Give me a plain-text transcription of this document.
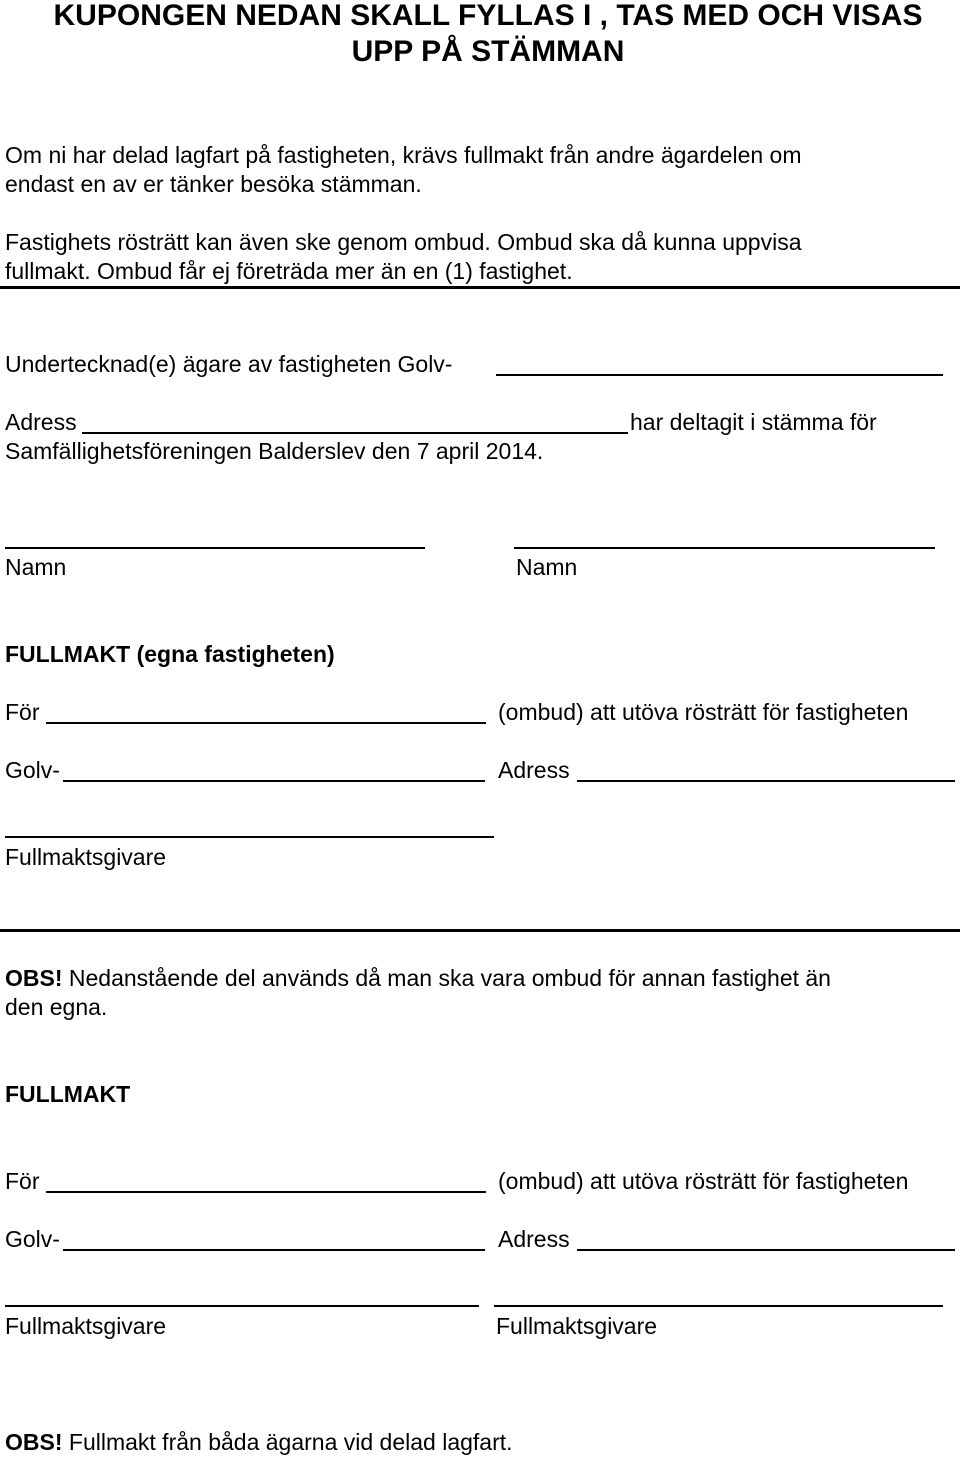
KUPONGEN NEDAN SKALL FYLLAS I , TAS MED OCH VISAS UPP PÅ STÄMMAN
Om ni har delad lagfart på fastigheten, krävs fullmakt från andre ägardelen om
endast en av er tänker besöka stämman.
Fastighets rösträtt kan även ske genom ombud. Ombud ska då kunna uppvisa
fullmakt. Ombud får ej företräda mer än en (1) fastighet.
Undertecknad(e) ägare av fastigheten Golv-
Adress	har deltagit i stämma för
Samfällighetsföreningen Balderslev den 7 april 2014.
Namn	Namn
FULLMAKT (egna fastigheten)
För	(ombud) att utöva rösträtt för fastigheten
Golv-	Adress
Fullmaktsgivare
OBS! Nedanstående del används då man ska vara ombud för annan fastighet än
den egna.
FULLMAKT
För	(ombud) att utöva rösträtt för fastigheten
Golv-	Adress
Fullmaktsgivare	Fullmaktsgivare
OBS! Fullmakt från båda ägarna vid delad lagfart.
